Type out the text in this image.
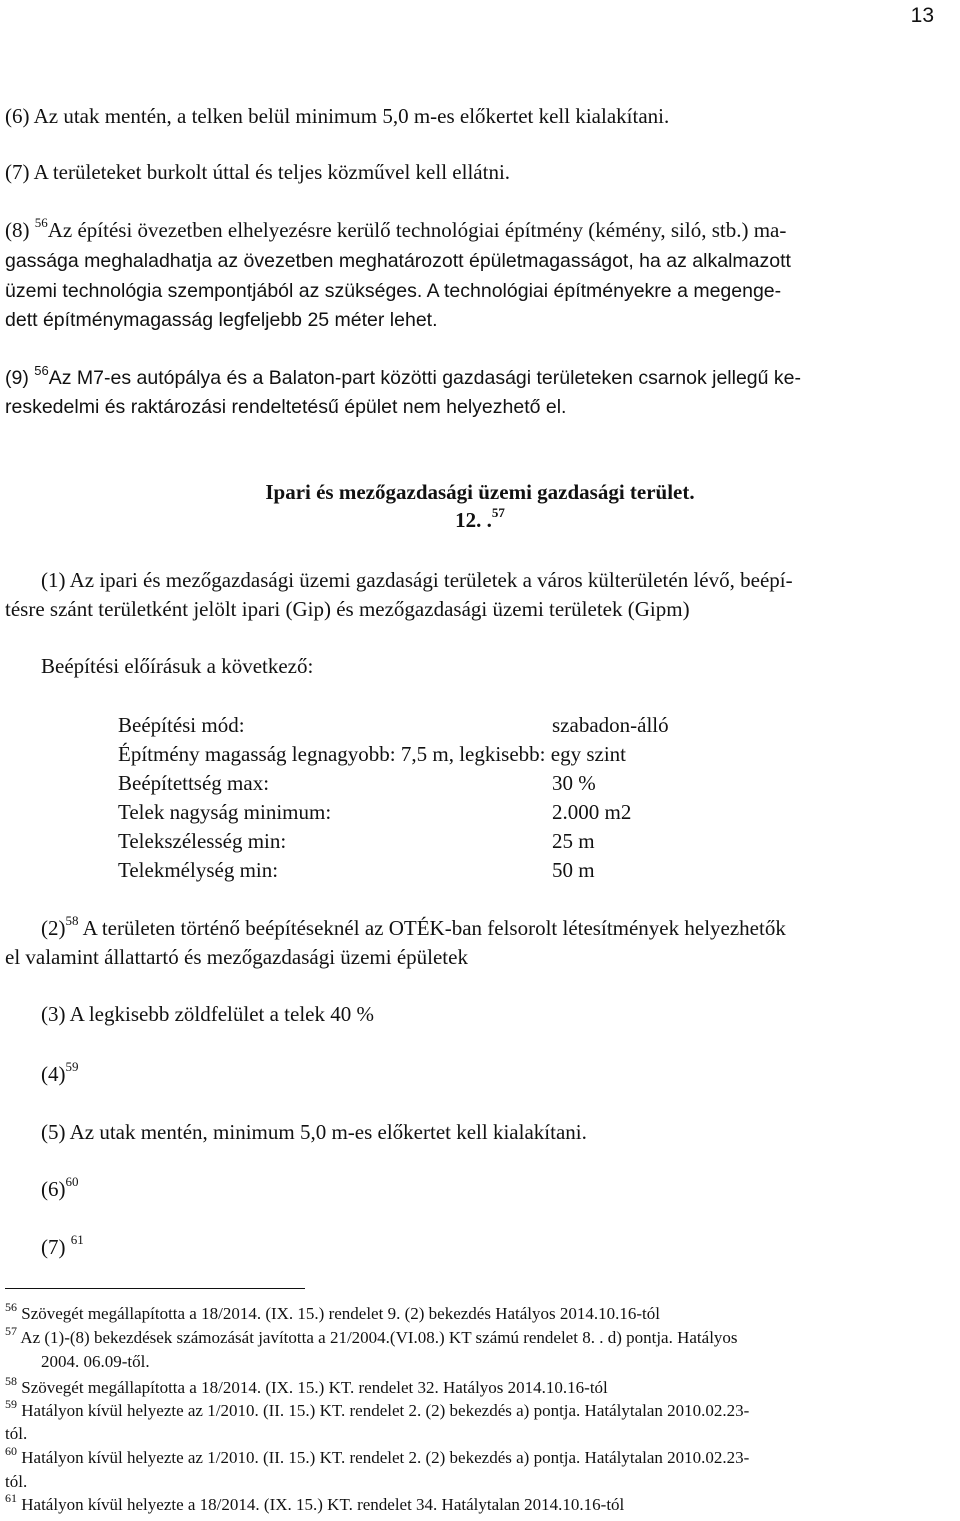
13
(6) Az utak mentén, a telken belül minimum 5,0 m-es előkertet kell kialakítani.
(7) A területeket burkolt úttal és teljes közművel kell ellátni.
(8) $^{56}$Az építési övezetben elhelyezésre kerülő technológiai építmény (kémény, siló, stb.) ma-
gassága meghaladhatja az övezetben meghatározott épületmagasságot, ha az alkalmazott
üzemi technológia szempontjából az szükséges. A technológiai építményekre a megenge-
dett építménymagasság legfeljebb 25 méter lehet.
(9) $^{56}$Az M7-es autópálya és a Balaton-part közötti gazdasági területeken csarnok jellegű ke-
reskedelmi és raktározási rendeltetésű épület nem helyezhető el.
Ipari és mezőgazdasági üzemi gazdasági terület.
12. .$^{57}$
(1) Az ipari és mezőgazdasági üzemi gazdasági területek a város külterületén lévő, beépí-
tésre szánt területként jelölt ipari (Gip) és mezőgazdasági üzemi területek (Gipm)
Beépítési előírásuk a következő:
Beépítési mód:	szabadon-álló
Építmény magasság legnagyobb: 7,5 m, legkisebb: egy szint
Beépítettség max:	30 %
Telek nagyság minimum:	2.000 m2
Telekszélesség min:	25 m
Telekmélység min:	50 m
$(2)^{58}$ A területen történő beépítéseknél az OTÉK-ban felsorolt létesítmények helyezhetők
el valamint állattartó és mezőgazdasági üzemi épületek
(3) A legkisebb zöldfelület a telek 40 %
$(4)^{59}$
(5) Az utak mentén, minimum 5,0 m-es előkertet kell kialakítani.
$(6)^{60}$
(7) $^{61}$
$^{56}$ Szövegét megállapította a 18/2014. (IX. 15.) rendelet 9. (2) bekezdés Hatályos 2014.10.16-tól
$^{57}$ Az (1)-(8) bekezdések számozását javította a 21/2004.(VI.08.) KT számú rendelet 8. . d) pontja. Hatályos
2004. 06.09-től.
$^{58}$ Szövegét megállapította a 18/2014. (IX. 15.) KT. rendelet 32. Hatályos 2014.10.16-tól
$^{59}$ Hatályon kívül helyezte az 1/2010. (II. 15.) KT. rendelet 2. (2) bekezdés a) pontja. Hatálytalan 2010.02.23-
tól.
$^{60}$ Hatályon kívül helyezte az 1/2010. (II. 15.) KT. rendelet 2. (2) bekezdés a) pontja. Hatálytalan 2010.02.23-
tól.
$^{61}$ Hatályon kívül helyezte a 18/2014. (IX. 15.) KT. rendelet 34. Hatálytalan 2014.10.16-tól
